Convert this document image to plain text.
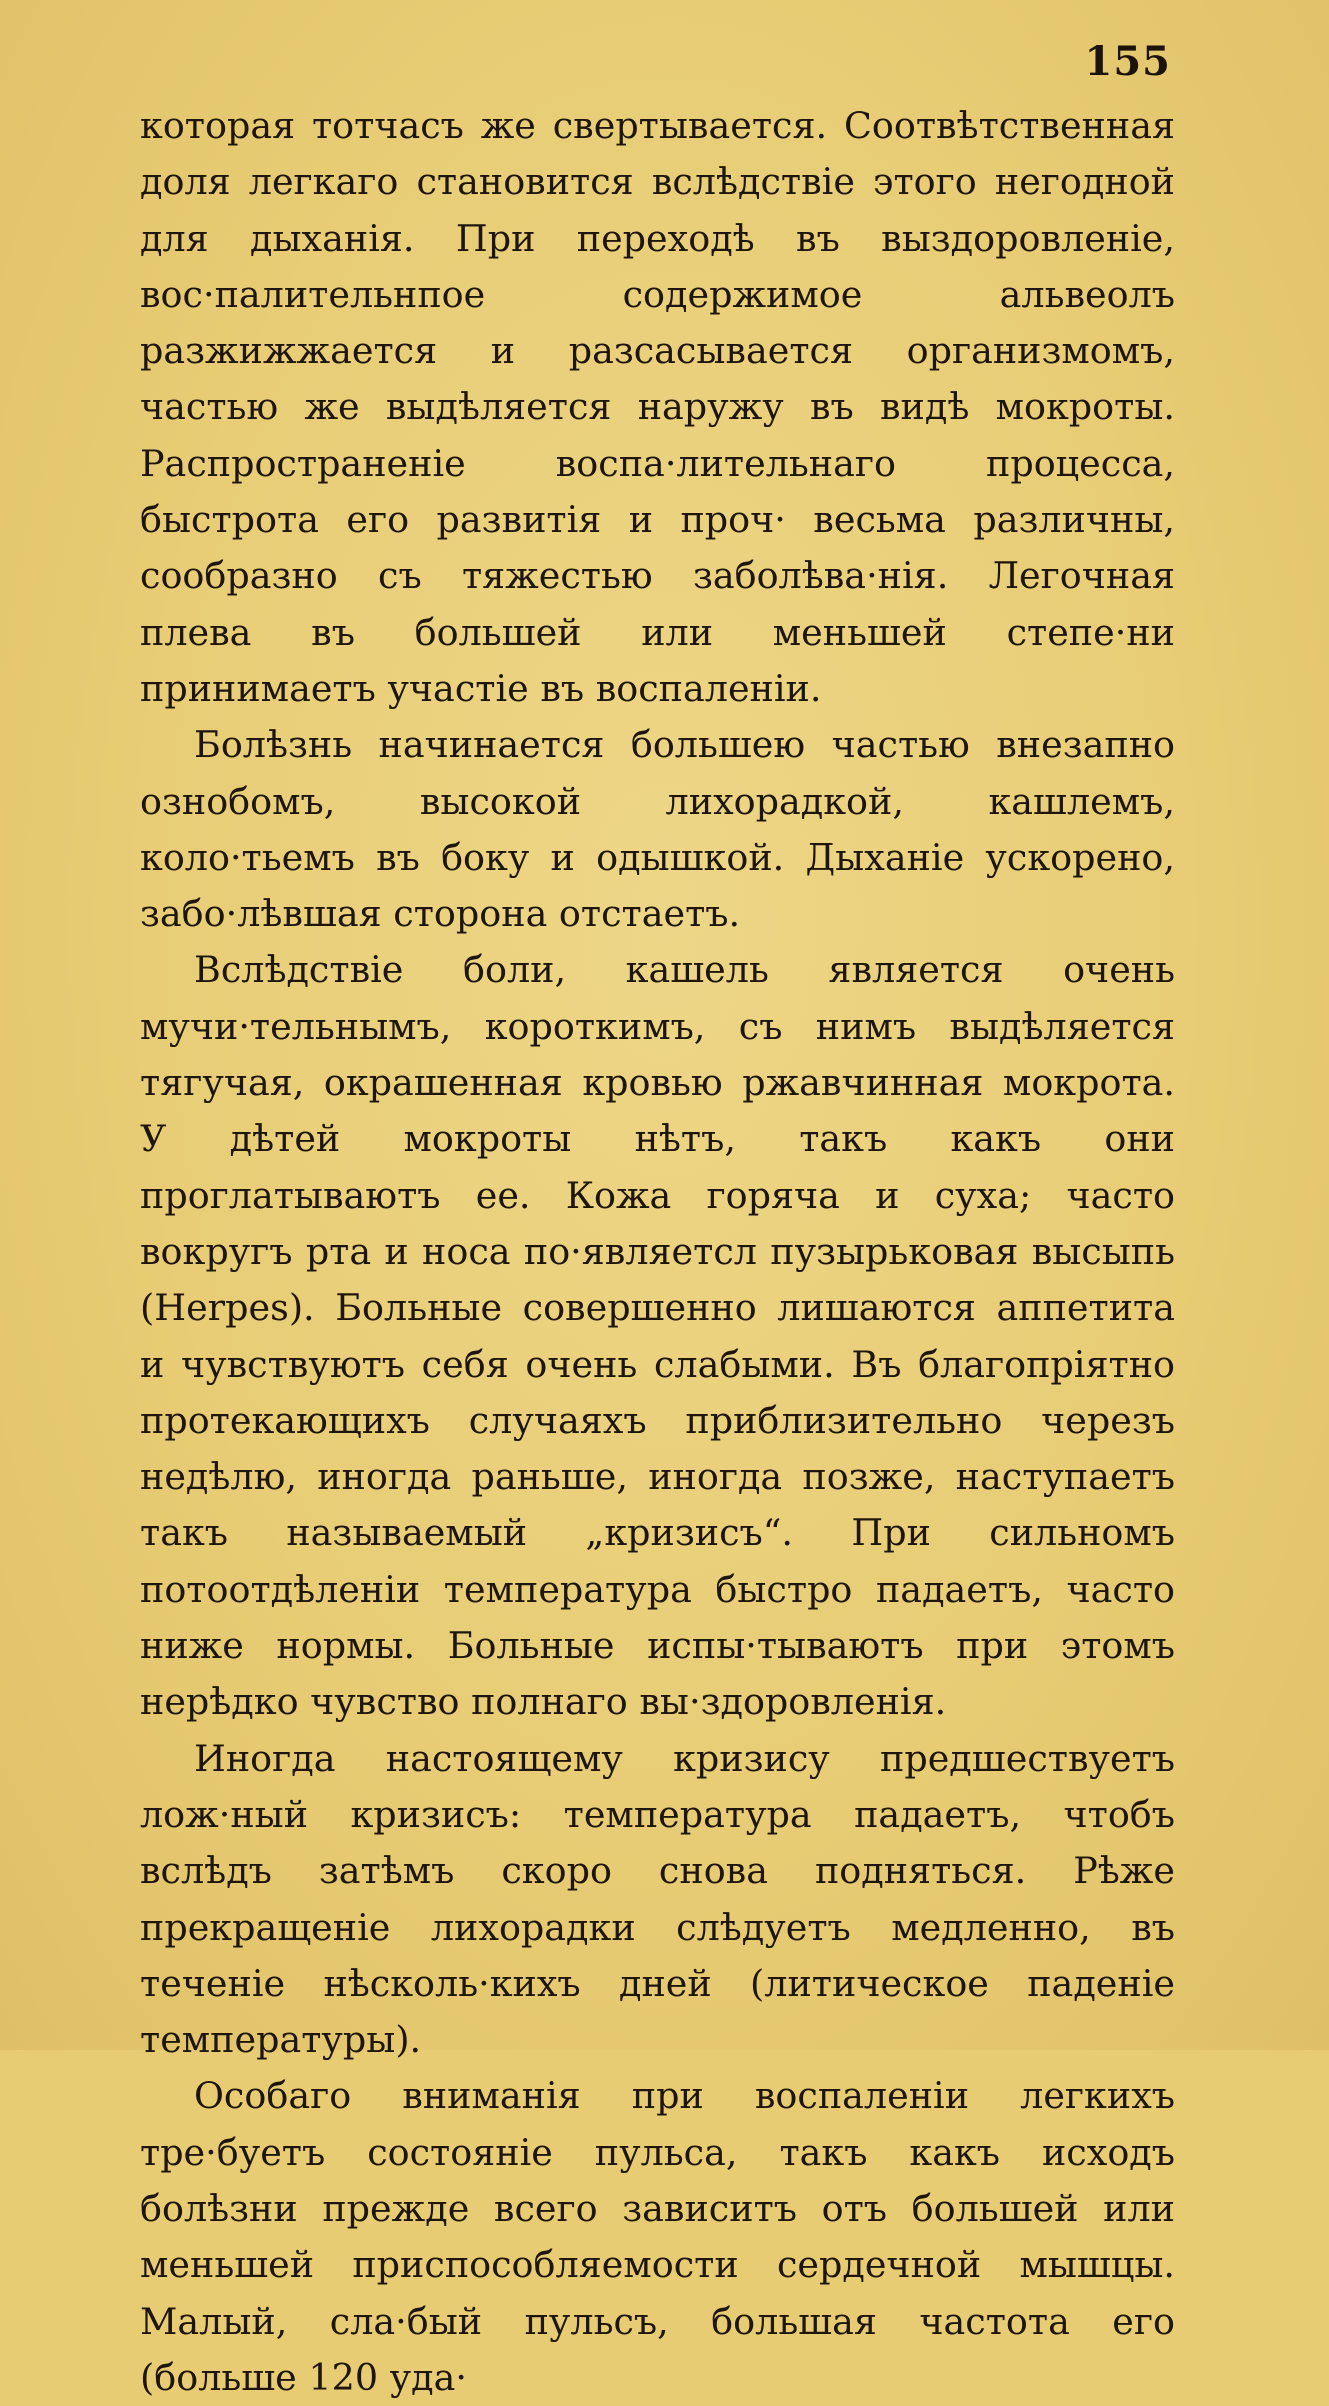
155

которая тотчасъ же свертывается. Соотвѣтственная доля легкаго становится вслѣдствіе этого негодной для дыханія. При переходѣ въ выздоровленіе, вос·палительнпое содержимое альвеолъ разжижжается и разсасывается организмомъ, частью же выдѣляется наружу въ видѣ мокроты. Распространеніе воспа·лительнаго процесса, быстрота его развитія и проч· весьма различны, сообразно съ тяжестью заболѣва·нія. Легочная плева въ большей или меньшей степе·ни принимаетъ участіе въ воспаленіи.

Болѣзнь начинается большею частью внезапно ознобомъ, высокой лихорадкой, кашлемъ, коло·тьемъ въ боку и одышкой. Дыханіе ускорено, забо·лѣвшая сторона отстаетъ.

Вслѣдствіе боли, кашель является очень мучи·тельнымъ, короткимъ, съ нимъ выдѣляется тягучая, окрашенная кровью ржавчинная мокрота. У дѣтей мокроты нѣтъ, такъ какъ они проглатываютъ ее. Кожа горяча и суха; часто вокругъ рта и носа по·являетсл пузырьковая высыпь (Herpes). Больные совершенно лишаются аппетита и чувствуютъ себя очень слабыми. Въ благопріятно протекающихъ случаяхъ приблизительно черезъ недѣлю, иногда раньше, иногда позже, наступаетъ такъ называемый „кризисъ“. При сильномъ потоотдѣленіи температура быстро падаетъ, часто ниже нормы. Больные испы·тываютъ при этомъ нерѣдко чувство полнаго вы·здоровленія.

Иногда настоящему кризису предшествуетъ лож·ный кризисъ: температура падаетъ, чтобъ вслѣдъ затѣмъ скоро снова подняться. Рѣже прекращеніе лихорадки слѣдуетъ медленно, въ теченіе нѣсколь·кихъ дней (литическое паденіе температуры).

Особаго вниманія при воспаленіи легкихъ тре·буетъ состояніе пульса, такъ какъ исходъ болѣзни прежде всего зависитъ отъ большей или меньшей приспособляемости сердечной мышцы. Малый, сла·бый пульсъ, большая частота его (больше 120 уда·
